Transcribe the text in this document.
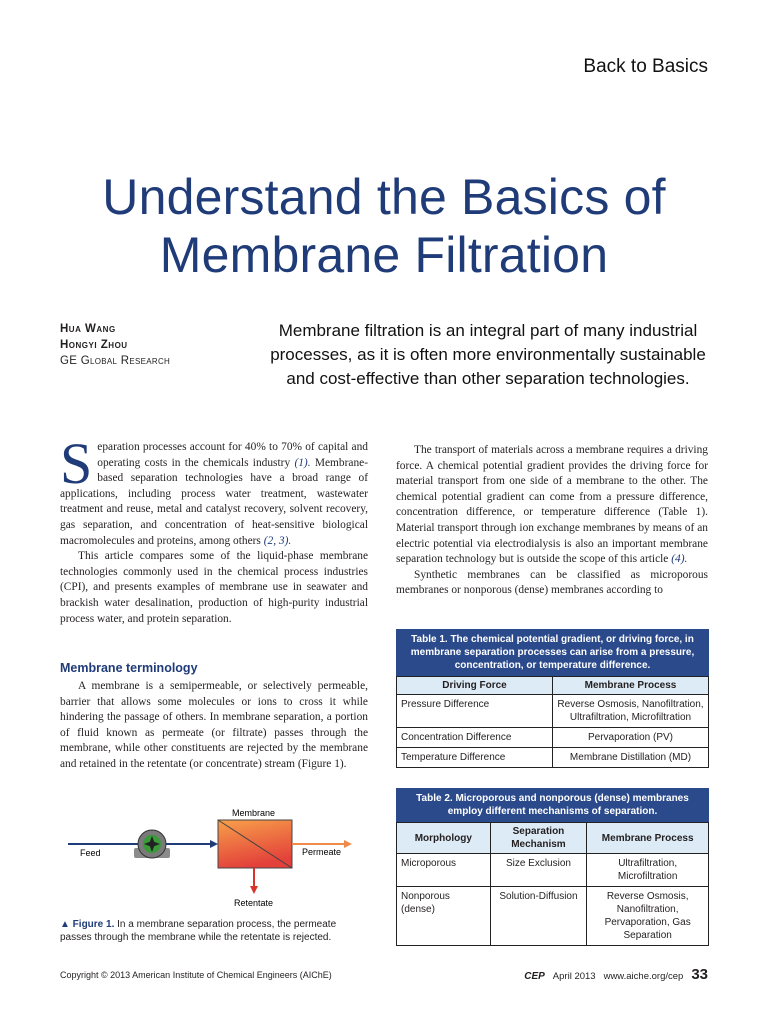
Back to Basics
Understand the Basics of
Membrane Filtration
Hua Wang
Hongyi Zhou
GE Global Research
Membrane filtration is an integral part of many industrial processes, as it is often more environmentally sustainable and cost-effective than other separation technologies.

Separation processes account for 40% to 70% of capital and operating costs in the chemicals industry (1). Membrane-based separation technologies have a broad range of applications, including process water treatment, wastewater treatment and reuse, metal and catalyst recovery, solvent recovery, gas separation, and concentration of heat-sensitive biological macromolecules and proteins, among others (2, 3).

This article compares some of the liquid-phase membrane technologies commonly used in the chemical process industries (CPI), and presents examples of membrane use in seawater and brackish water desalination, production of high-purity industrial process water, and protein separation.

Membrane terminology

A membrane is a semipermeable, or selectively permeable, barrier that allows some molecules or ions to cross it while hindering the passage of others. In membrane separation, a portion of fluid known as permeate (or filtrate) passes through the membrane, while other constituents are rejected by the membrane and retained in the retentate (or concentrate) stream (Figure 1).

The transport of materials across a membrane requires a driving force. A chemical potential gradient provides the driving force for material transport from one side of a membrane to the other. The chemical potential gradient can come from a pressure difference, concentration difference, or temperature difference (Table 1). Material transport through ion exchange membranes by means of an electric potential via electrodialysis is also an important membrane separation technology but is outside the scope of this article (4).

Synthetic membranes can be classified as microporous membranes or nonporous (dense) membranes according to

Table 1. The chemical potential gradient, or driving force, in membrane separation processes can arise from a pressure, concentration, or temperature difference.
Driving Force	Membrane Process
Pressure Difference	Reverse Osmosis, Nanofiltration, Ultrafiltration, Microfiltration
Concentration Difference	Pervaporation (PV)
Temperature Difference	Membrane Distillation (MD)
Table 2. Microporous and nonporous (dense) membranes employ different mechanisms of separation.
Morphology	Separation Mechanism	Membrane Process
Microporous	Size Exclusion	Ultrafiltration, Microfiltration
Nonporous (dense)	Solution-Diffusion	Reverse Osmosis, Nanofiltration, Pervaporation, Gas Separation
Membrane
Feed	Permeate
Retentate
▲ Figure 1. In a membrane separation process, the permeate passes through the membrane while the retentate is rejected.
Copyright © 2013 American Institute of Chemical Engineers (AIChE)	CEP April 2013 www.aiche.org/cep 33
